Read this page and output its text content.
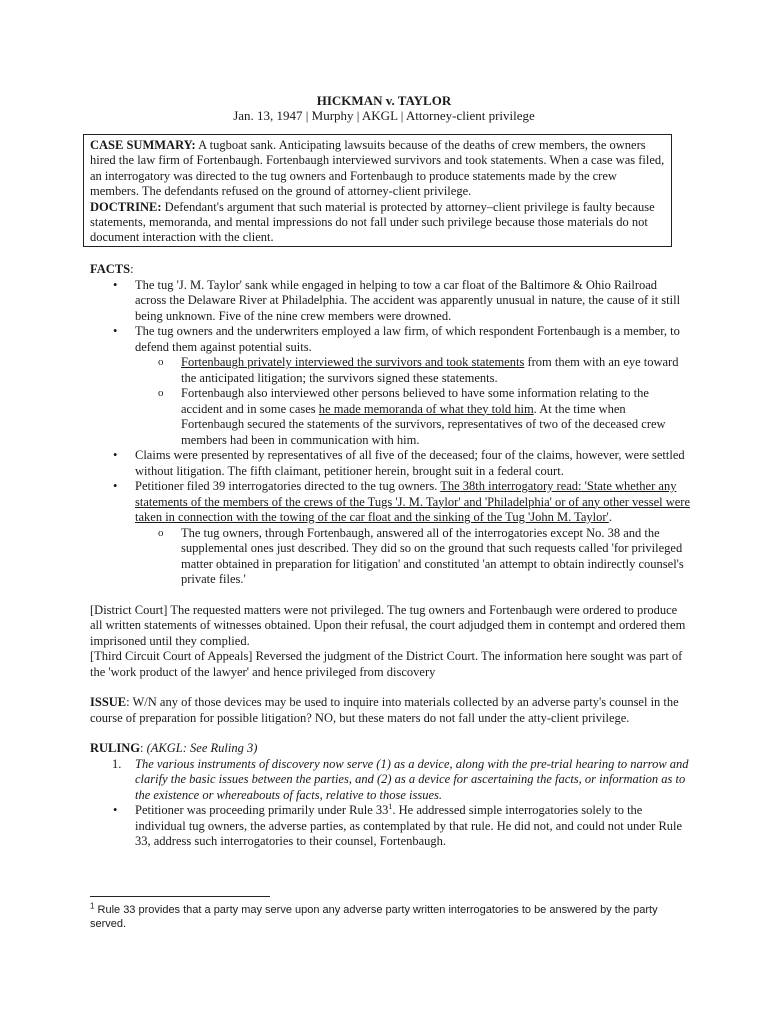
HICKMAN v. TAYLOR
Jan. 13, 1947 | Murphy | AKGL | Attorney-client privilege

CASE SUMMARY: A tugboat sank. Anticipating lawsuits because of the deaths of crew members, the owners hired the law firm of Fortenbaugh. Fortenbaugh interviewed survivors and took statements. When a case was filed, an interrogatory was directed to the tug owners and Fortenbaugh to produce statements made by the crew members. The defendants refused on the ground of attorney-client privilege.

DOCTRINE: Defendant's argument that such material is protected by attorney–client privilege is faulty because statements, memoranda, and mental impressions do not fall under such privilege because those materials do not document interaction with the client.

FACTS:

• The tug 'J. M. Taylor' sank while engaged in helping to tow a car float of the Baltimore & Ohio Railroad across the Delaware River at Philadelphia. The accident was apparently unusual in nature, the cause of it still being unknown. Five of the nine crew members were drowned.
• The tug owners and the underwriters employed a law firm, of which respondent Fortenbaugh is a member, to defend them against potential suits.
o Fortenbaugh privately interviewed the survivors and took statements from them with an eye toward the anticipated litigation; the survivors signed these statements.
o Fortenbaugh also interviewed other persons believed to have some information relating to the accident and in some cases he made memoranda of what they told him. At the time when Fortenbaugh secured the statements of the survivors, representatives of two of the deceased crew members had been in communication with him.
• Claims were presented by representatives of all five of the deceased; four of the claims, however, were settled without litigation. The fifth claimant, petitioner herein, brought suit in a federal court.
• Petitioner filed 39 interrogatories directed to the tug owners. The 38th interrogatory read: 'State whether any statements of the members of the crews of the Tugs 'J. M. Taylor' and 'Philadelphia' or of any other vessel were taken in connection with the towing of the car float and the sinking of the Tug 'John M. Taylor'.
o The tug owners, through Fortenbaugh, answered all of the interrogatories except No. 38 and the supplemental ones just described. They did so on the ground that such requests called 'for privileged matter obtained in preparation for litigation' and constituted 'an attempt to obtain indirectly counsel's private files.'

[District Court] The requested matters were not privileged. The tug owners and Fortenbaugh were ordered to produce all written statements of witnesses obtained. Upon their refusal, the court adjudged them in contempt and ordered them imprisoned until they complied.

[Third Circuit Court of Appeals] Reversed the judgment of the District Court. The information here sought was part of the 'work product of the lawyer' and hence privileged from discovery

ISSUE: W/N any of those devices may be used to inquire into materials collected by an adverse party's counsel in the course of preparation for possible litigation? NO, but these maters do not fall under the atty-client privilege.

RULING: (AKGL: See Ruling 3)

1. The various instruments of discovery now serve (1) as a device, along with the pre-trial hearing to narrow and clarify the basic issues between the parties, and (2) as a device for ascertaining the facts, or information as to the existence or whereabouts of facts, relative to those issues.
• Petitioner was proceeding primarily under Rule $33^1$. He addressed simple interrogatories solely to the individual tug owners, the adverse parties, as contemplated by that rule. He did not, and could not under Rule 33, address such interrogatories to their counsel, Fortenbaugh.
$^1$ Rule 33 provides that a party may serve upon any adverse party written interrogatories to be answered by the party served.
